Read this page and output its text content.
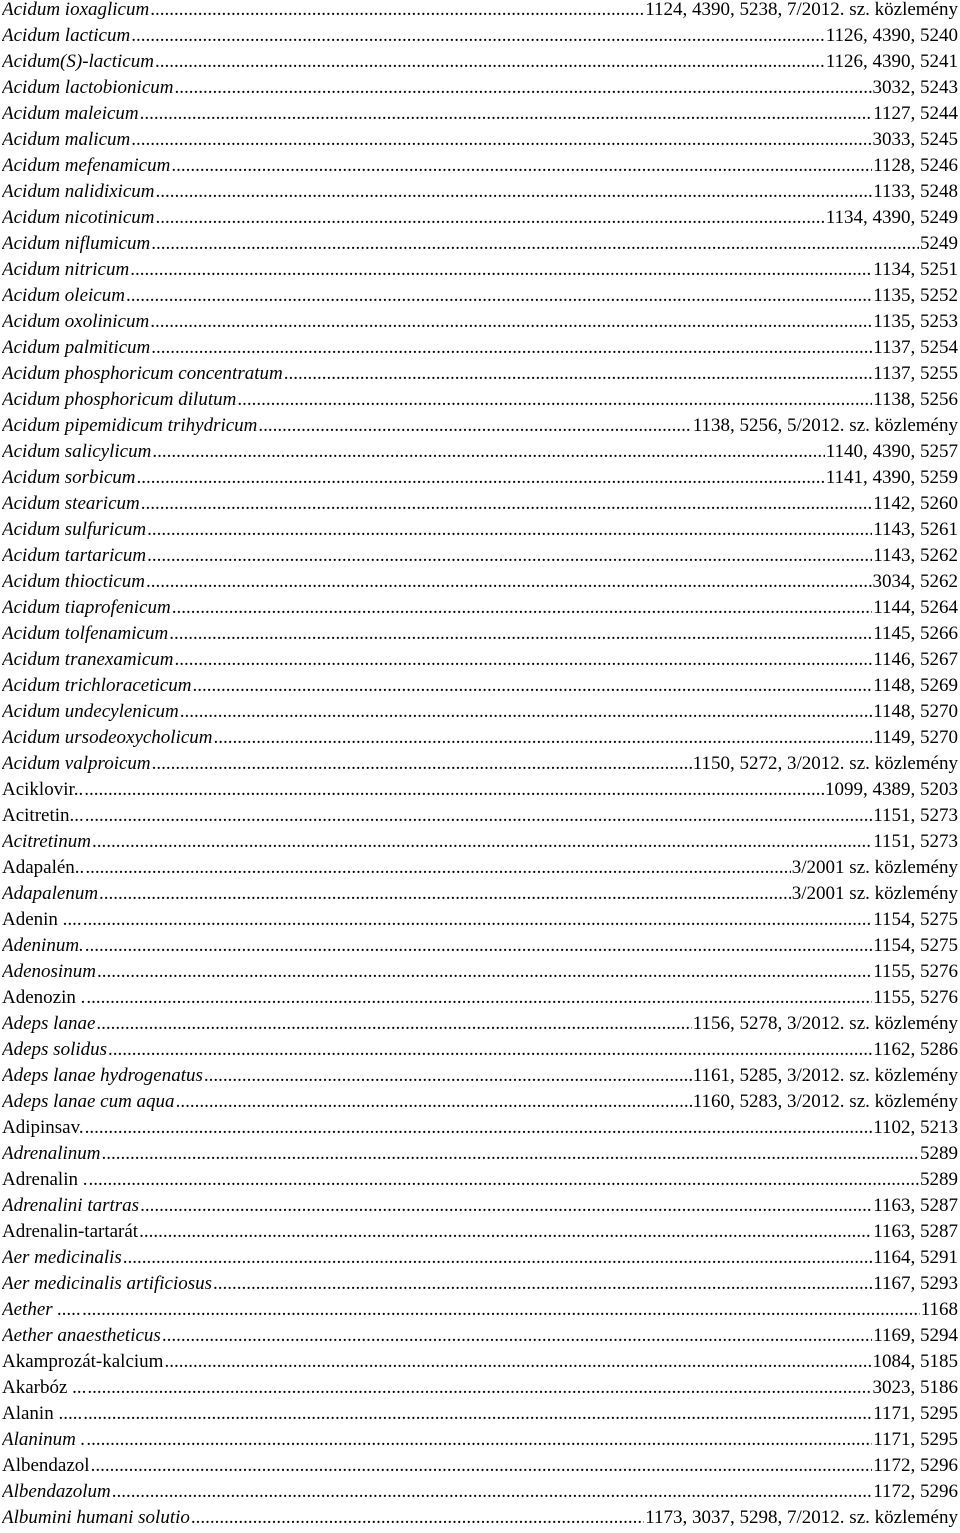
Acidum ioxaglicum .....	1124, 4390, 5238, 7/2012. sz. közlemény
Acidum lacticum .....	1126, 4390, 5240
Acidum(S)-lacticum .....	1126, 4390, 5241
Acidum lactobionicum .....	3032, 5243
Acidum maleicum .....	1127, 5244
Acidum malicum .....	3033, 5245
Acidum mefenamicum .....	1128, 5246
Acidum nalidixicum .....	1133, 5248
Acidum nicotinicum .....	1134, 4390, 5249
Acidum niflumicum .....	5249
Acidum nitricum .....	1134, 5251
Acidum oleicum .....	1135, 5252
Acidum oxolinicum .....	1135, 5253
Acidum palmiticum .....	1137, 5254
Acidum phosphoricum concentratum .....	1137, 5255
Acidum phosphoricum dilutum .....	1138, 5256
Acidum pipemidicum trihydricum .....	1138, 5256, 5/2012. sz. közlemény
Acidum salicylicum .....	1140, 4390, 5257
Acidum sorbicum .....	1141, 4390, 5259
Acidum stearicum .....	1142, 5260
Acidum sulfuricum .....	1143, 5261
Acidum tartaricum .....	1143, 5262
Acidum thiocticum .....	3034, 5262
Acidum tiaprofenicum .....	1144, 5264
Acidum tolfenamicum .....	1145, 5266
Acidum tranexamicum .....	1146, 5267
Acidum trichloraceticum .....	1148, 5269
Acidum undecylenicum .....	1148, 5270
Acidum ursodeoxycholicum .....	1149, 5270
Acidum valproicum .....	1150, 5272, 3/2012. sz. közlemény
Aciklovir.. .....	1099, 4389, 5203
Acitretin... .....	1151, 5273
Acitretinum .....	1151, 5273
Adapalén.. .....	3/2001 sz. közlemény
Adapalenum .....	3/2001 sz. közlemény
Adenin .... .....	1154, 5275
Adeninum. .....	1154, 5275
Adenosinum .....	1155, 5276
Adenozin . .....	1155, 5276
Adeps lanae .....	1156, 5278, 3/2012. sz. közlemény
Adeps solidus .....	1162, 5286
Adeps lanae hydrogenatus .....	1161, 5285, 3/2012. sz. közlemény
Adeps lanae cum aqua .....	1160, 5283, 3/2012. sz. közlemény
Adipinsav. .....	1102, 5213
Adrenalinum .....	5289
Adrenalin . .....	5289
Adrenalini tartras .....	1163, 5287
Adrenalin-tartarát .....	1163, 5287
Aer medicinalis .....	1164, 5291
Aer medicinalis artificiosus .....	1167, 5293
Aether ..... .....	1168
Aether anaestheticus .....	1169, 5294
Akamprozát-kalcium .....	1084, 5185
Akarbóz ... .....	3023, 5186
Alanin ..... .....	1171, 5295
Alaninum . .....	1171, 5295
Albendazol .....	1172, 5296
Albendazolum .....	1172, 5296
Albumini humani solutio .....	1173, 3037, 5298, 7/2012. sz. közlemény
